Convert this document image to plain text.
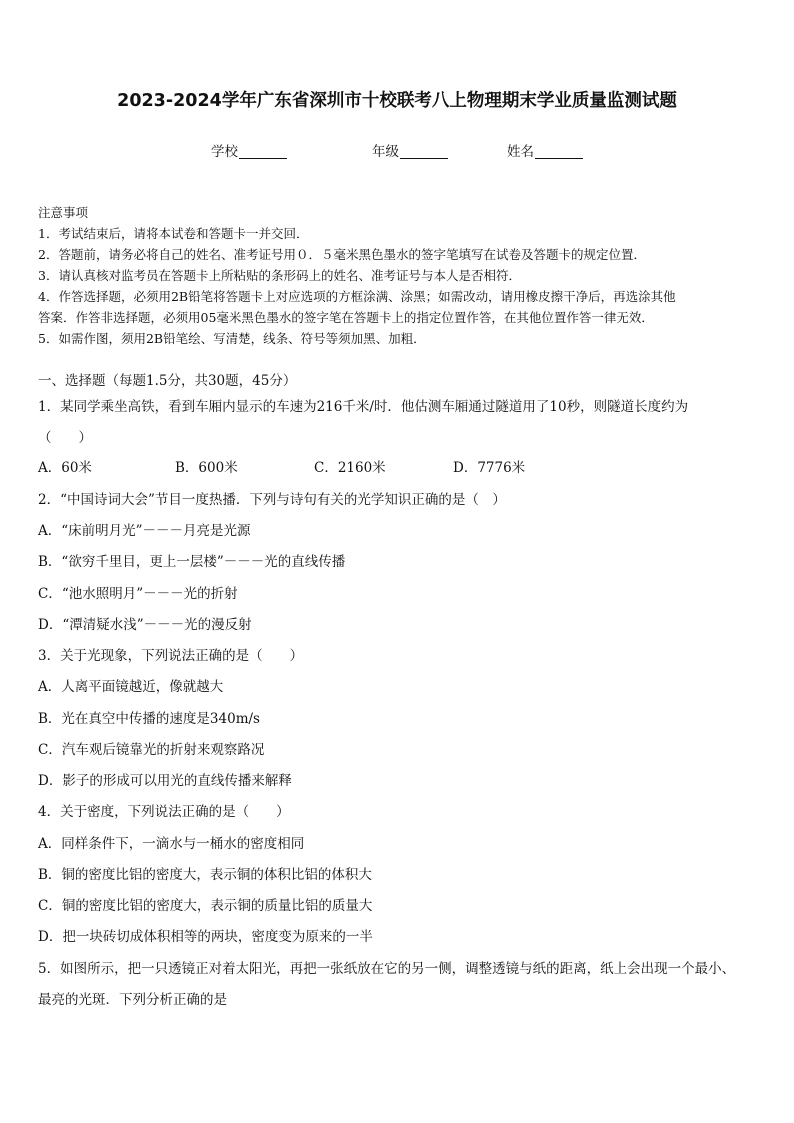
2023-2024学年广东省深圳市十校联考八上物理期末学业质量监测试题
学校	年级	姓名
注意事项
1．考试结束后，请将本试卷和答题卡一并交回．
2．答题前，请务必将自己的姓名、准考证号用０．５毫米黑色墨水的签字笔填写在试卷及答题卡的规定位置．
3．请认真核对监考员在答题卡上所粘贴的条形码上的姓名、准考证号与本人是否相符．
4．作答选择题，必须用2B铅笔将答题卡上对应选项的方框涂满、涂黑；如需改动，请用橡皮擦干净后，再选涂其他
答案．作答非选择题，必须用05毫米黑色墨水的签字笔在答题卡上的指定位置作答，在其他位置作答一律无效．
5．如需作图，须用2B铅笔绘、写清楚，线条、符号等须加黑、加粗．
一、选择题（每题1.5分，共30题，45分）
1．某同学乘坐高铁，看到车厢内显示的车速为216千米/时．他估测车厢通过隧道用了10秒，则隧道长度约为
（　　）
A．60米	B．600米	C．2160米	D．7776米
2．“中国诗词大会”节目一度热播．下列与诗句有关的光学知识正确的是（　）
A．“床前明月光”－－－月亮是光源
B．“欲穷千里目，更上一层楼”－－－光的直线传播
C．“池水照明月”－－－光的折射
D．“潭清疑水浅”－－－光的漫反射
3．关于光现象，下列说法正确的是（　　）
A．人离平面镜越近，像就越大
B．光在真空中传播的速度是340m/s
C．汽车观后镜靠光的折射来观察路况
D．影子的形成可以用光的直线传播来解释
4．关于密度，下列说法正确的是（　　）
A．同样条件下，一滴水与一桶水的密度相同
B．铜的密度比铝的密度大，表示铜的体积比铝的体积大
C．铜的密度比铝的密度大，表示铜的质量比铝的质量大
D．把一块砖切成体积相等的两块，密度变为原来的一半
5．如图所示，把一只透镜正对着太阳光，再把一张纸放在它的另一侧，调整透镜与纸的距离，纸上会出现一个最小、
最亮的光斑．下列分析正确的是
